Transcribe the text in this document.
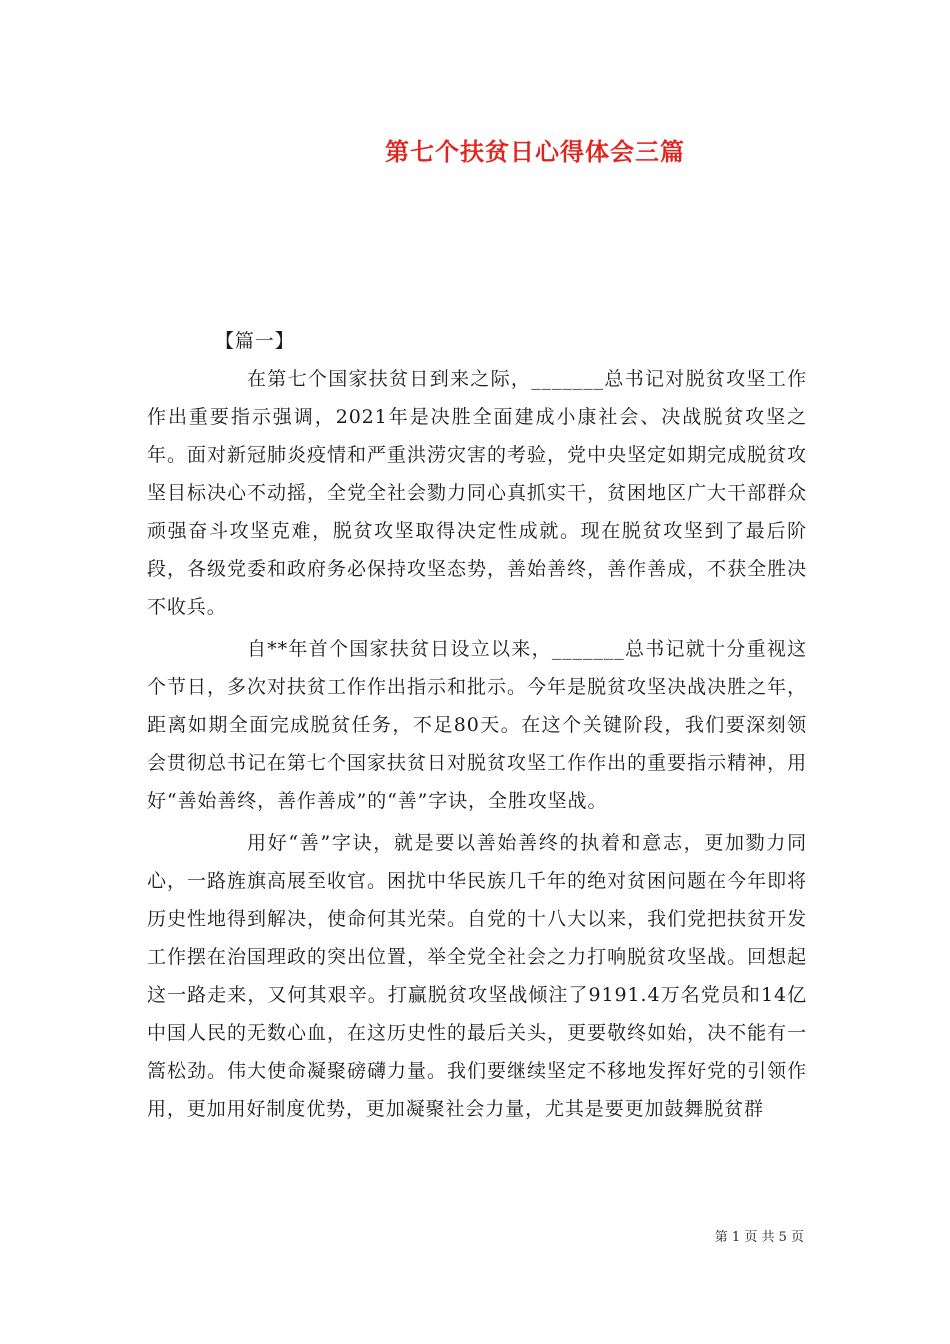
第七个扶贫日心得体会三篇

【篇一】

在第七个国家扶贫日到来之际，_______总书记对脱贫攻坚工作作出重要指示强调，2021年是决胜全面建成小康社会、决战脱贫攻坚之年。面对新冠肺炎疫情和严重洪涝灾害的考验，党中央坚定如期完成脱贫攻坚目标决心不动摇，全党全社会勠力同心真抓实干，贫困地区广大干部群众顽强奋斗攻坚克难，脱贫攻坚取得决定性成就。现在脱贫攻坚到了最后阶段，各级党委和政府务必保持攻坚态势，善始善终，善作善成，不获全胜决不收兵。

自**年首个国家扶贫日设立以来，_______总书记就十分重视这个节日，多次对扶贫工作作出指示和批示。今年是脱贫攻坚决战决胜之年，距离如期全面完成脱贫任务，不足80天。在这个关键阶段，我们要深刻领会贯彻总书记在第七个国家扶贫日对脱贫攻坚工作作出的重要指示精神，用好“善始善终，善作善成”的“善”字诀，全胜攻坚战。

用好“善”字诀，就是要以善始善终的执着和意志，更加勠力同心，一路旌旗高展至收官。困扰中华民族几千年的绝对贫困问题在今年即将历史性地得到解决，使命何其光荣。自党的十八大以来，我们党把扶贫开发工作摆在治国理政的突出位置，举全党全社会之力打响脱贫攻坚战。回想起这一路走来，又何其艰辛。打赢脱贫攻坚战倾注了9191.4万名党员和14亿中国人民的无数心血，在这历史性的最后关头，更要敬终如始，决不能有一篙松劲。伟大使命凝聚磅礴力量。我们要继续坚定不移地发挥好党的引领作用，更加用好制度优势，更加凝聚社会力量，尤其是要更加鼓舞脱贫群

第 1 页 共 5 页
